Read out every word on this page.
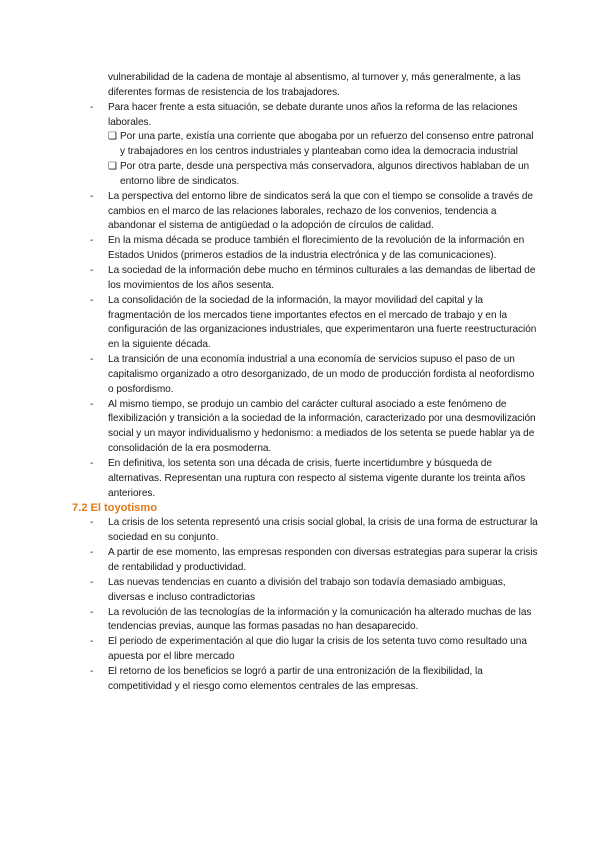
vulnerabilidad de la cadena de montaje al absentismo, al turnover y, más generalmente, a las diferentes formas de resistencia de los trabajadores.
-	Para hacer frente a esta situación, se debate durante unos años la reforma de las relaciones laborales.
❑ Por una parte, existía una corriente que abogaba por un refuerzo del consenso entre patronal y trabajadores en los centros industriales y planteaban como idea la democracia industrial
❑ Por otra parte, desde una perspectiva más conservadora, algunos directivos hablaban de un entorno libre de sindicatos.
-	La perspectiva del entorno libre de sindicatos será la que con el tiempo se consolide a través de cambios en el marco de las relaciones laborales, rechazo de los convenios, tendencia a abandonar el sistema de antigüedad o la adopción de círculos de calidad.
-	En la misma década se produce también el florecimiento de la revolución de la información en Estados Unidos (primeros estadios de la industria electrónica y de las comunicaciones).
-	La sociedad de la información debe mucho en términos culturales a las demandas de libertad de los movimientos de los años sesenta.
-	La consolidación de la sociedad de la información, la mayor movilidad del capital y la fragmentación de los mercados tiene importantes efectos en el mercado de trabajo y en la configuración de las organizaciones industriales, que experimentaron una fuerte reestructuración en la siguiente década.
-	La transición de una economía industrial a una economía de servicios supuso el paso de un capitalismo organizado a otro desorganizado, de un modo de producción fordista al neofordismo o posfordismo.
-	Al mismo tiempo, se produjo un cambio del carácter cultural asociado a este fenómeno de flexibilización y transición a la sociedad de la información, caracterizado por una desmovilización social y un mayor individualismo y hedonismo: a mediados de los setenta se puede hablar ya de consolidación de la era posmoderna.
-	En definitiva, los setenta son una década de crisis, fuerte incertidumbre y búsqueda de alternativas. Representan una ruptura con respecto al sistema vigente durante los treinta años anteriores.
7.2 El toyotismo
-	La crisis de los setenta representó una crisis social global, la crisis de una forma de estructurar la sociedad en su conjunto.
-	A partir de ese momento, las empresas responden con diversas estrategias para superar la crisis de rentabilidad y productividad.
-	Las nuevas tendencias en cuanto a división del trabajo son todavía demasiado ambiguas, diversas e incluso contradictorias
-	La revolución de las tecnologías de la información y la comunicación ha alterado muchas de las tendencias previas, aunque las formas pasadas no han desaparecido.
-	El periodo de experimentación al que dio lugar la crisis de los setenta tuvo como resultado una apuesta por el libre mercado
-	El retorno de los beneficios se logró a partir de una entronización de la flexibilidad, la competitividad y el riesgo como elementos centrales de las empresas.
